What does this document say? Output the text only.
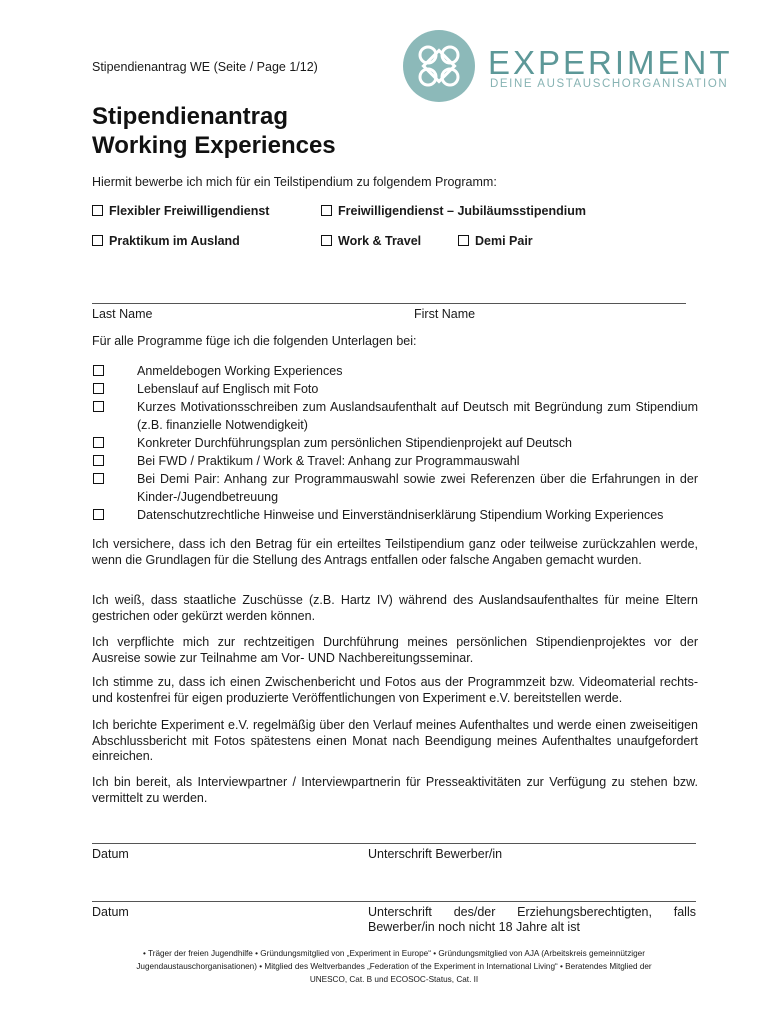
Stipendienantrag WE (Seite / Page 1/12)	EXPERIMENT
DEINE AUSTAUSCHORGANISATION
Stipendienantrag
Working Experiences
Hiermit bewerbe ich mich für ein Teilstipendium zu folgendem Programm:
Flexibler Freiwilligendienst	Freiwilligendienst – Jubiläumsstipendium
Praktikum im Ausland	Work & Travel	Demi Pair
Last Name	First Name
Für alle Programme füge ich die folgenden Unterlagen bei:
Anmeldebogen Working Experiences
Lebenslauf auf Englisch mit Foto
Kurzes Motivationsschreiben zum Auslandsaufenthalt auf Deutsch mit Begründung zum Stipendium (z.B. finanzielle Notwendigkeit)
Konkreter Durchführungsplan zum persönlichen Stipendienprojekt auf Deutsch
Bei FWD / Praktikum / Work & Travel: Anhang zur Programmauswahl
Bei Demi Pair: Anhang zur Programmauswahl sowie zwei Referenzen über die Erfahrungen in der Kinder-/Jugendbetreuung
Datenschutzrechtliche Hinweise und Einverständniserklärung Stipendium Working Experiences

Ich versichere, dass ich den Betrag für ein erteiltes Teilstipendium ganz oder teilweise zurückzahlen werde, wenn die Grundlagen für die Stellung des Antrags entfallen oder falsche Angaben gemacht wurden.

Ich weiß, dass staatliche Zuschüsse (z.B. Hartz IV) während des Auslandsaufenthaltes für meine Eltern gestrichen oder gekürzt werden können.

Ich verpflichte mich zur rechtzeitigen Durchführung meines persönlichen Stipendienprojektes vor der Ausreise sowie zur Teilnahme am Vor- UND Nachbereitungsseminar.

Ich stimme zu, dass ich einen Zwischenbericht und Fotos aus der Programmzeit bzw. Videomaterial rechts- und kostenfrei für eigen produzierte Veröffentlichungen von Experiment e.V. bereitstellen werde.

Ich berichte Experiment e.V. regelmäßig über den Verlauf meines Aufenthaltes und werde einen zweiseitigen Abschlussbericht mit Fotos spätestens einen Monat nach Beendigung meines Aufenthaltes unaufgefordert einreichen.

Ich bin bereit, als Interviewpartner / Interviewpartnerin für Presseaktivitäten zur Verfügung zu stehen bzw. vermittelt zu werden.

Datum	Unterschrift Bewerber/in
Datum	Unterschrift des/der Erziehungsberechtigten, falls Bewerber/in noch nicht 18 Jahre alt ist
• Träger der freien Jugendhilfe • Gründungsmitglied von „Experiment in Europe“ • Gründungsmitglied von AJA (Arbeitskreis gemeinnütziger
Jugendaustauschorganisationen) • Mitglied des Weltverbandes „Federation of the Experiment in International Living“ • Beratendes Mitglied der
UNESCO, Cat. B und ECOSOC-Status, Cat. II
